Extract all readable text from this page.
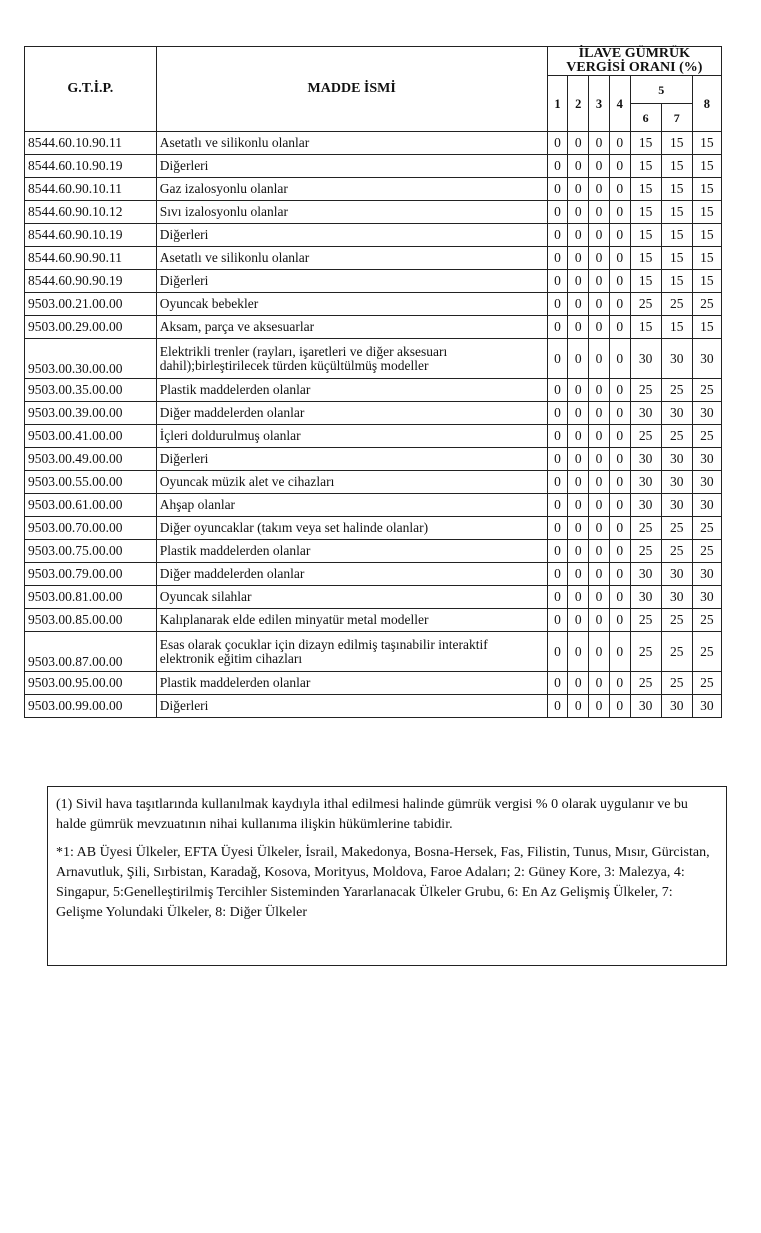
G.T.İ.P.	MADDE İSMİ	İLAVE GÜMRÜK
VERGİSİ ORANI (%)						

		1	2	3	4	5		8
						6	7	

8544.60.10.90.11	Asetatlı ve silikonlu olanlar	0	0	0	0	15	15	15
8544.60.10.90.19	Diğerleri	0	0	0	0	15	15	15
8544.60.90.10.11	Gaz izalosyonlu olanlar	0	0	0	0	15	15	15
8544.60.90.10.12	Sıvı izalosyonlu olanlar	0	0	0	0	15	15	15
8544.60.90.10.19	Diğerleri	0	0	0	0	15	15	15
8544.60.90.90.11	Asetatlı ve silikonlu olanlar	0	0	0	0	15	15	15
8544.60.90.90.19	Diğerleri	0	0	0	0	15	15	15
9503.00.21.00.00	Oyuncak bebekler	0	0	0	0	25	25	25
9503.00.29.00.00	Aksam, parça ve aksesuarlar	0	0	0	0	15	15	15
9503.00.30.00.00	Elektrikli trenler (rayları, işaretleri ve diğer aksesuarı dahil);birleştirilecek türden küçültülmüş modeller	0	0	0	0	30	30	30
9503.00.35.00.00	Plastik maddelerden olanlar	0	0	0	0	25	25	25
9503.00.39.00.00	Diğer maddelerden olanlar	0	0	0	0	30	30	30
9503.00.41.00.00	İçleri doldurulmuş olanlar	0	0	0	0	25	25	25
9503.00.49.00.00	Diğerleri	0	0	0	0	30	30	30
9503.00.55.00.00	Oyuncak müzik alet ve cihazları	0	0	0	0	30	30	30
9503.00.61.00.00	Ahşap olanlar	0	0	0	0	30	30	30
9503.00.70.00.00	Diğer oyuncaklar (takım veya set halinde olanlar)	0	0	0	0	25	25	25
9503.00.75.00.00	Plastik maddelerden olanlar	0	0	0	0	25	25	25
9503.00.79.00.00	Diğer maddelerden olanlar	0	0	0	0	30	30	30
9503.00.81.00.00	Oyuncak silahlar	0	0	0	0	30	30	30
9503.00.85.00.00	Kalıplanarak elde edilen minyatür metal modeller	0	0	0	0	25	25	25
9503.00.87.00.00	Esas olarak çocuklar için dizayn edilmiş taşınabilir interaktif elektronik eğitim cihazları	0	0	0	0	25	25	25
9503.00.95.00.00	Plastik maddelerden olanlar	0	0	0	0	25	25	25
9503.00.99.00.00	Diğerleri	0	0	0	0	30	30	30

(1) Sivil hava taşıtlarında kullanılmak kaydıyla ithal edilmesi halinde gümrük vergisi % 0 olarak uygulanır ve bu halde gümrük mevzuatının nihai kullanıma ilişkin hükümlerine tabidir.

*1: AB Üyesi Ülkeler, EFTA Üyesi Ülkeler, İsrail, Makedonya, Bosna-Hersek, Fas, Filistin, Tunus, Mısır, Gürcistan, Arnavutluk, Şili, Sırbistan, Karadağ, Kosova, Morityus, Moldova, Faroe Adaları; 2: Güney Kore, 3: Malezya, 4: Singapur, 5:Genelleştirilmiş Tercihler Sisteminden Yararlanacak Ülkeler Grubu, 6: En Az Gelişmiş Ülkeler, 7: Gelişme Yolundaki Ülkeler, 8: Diğer Ülkeler
